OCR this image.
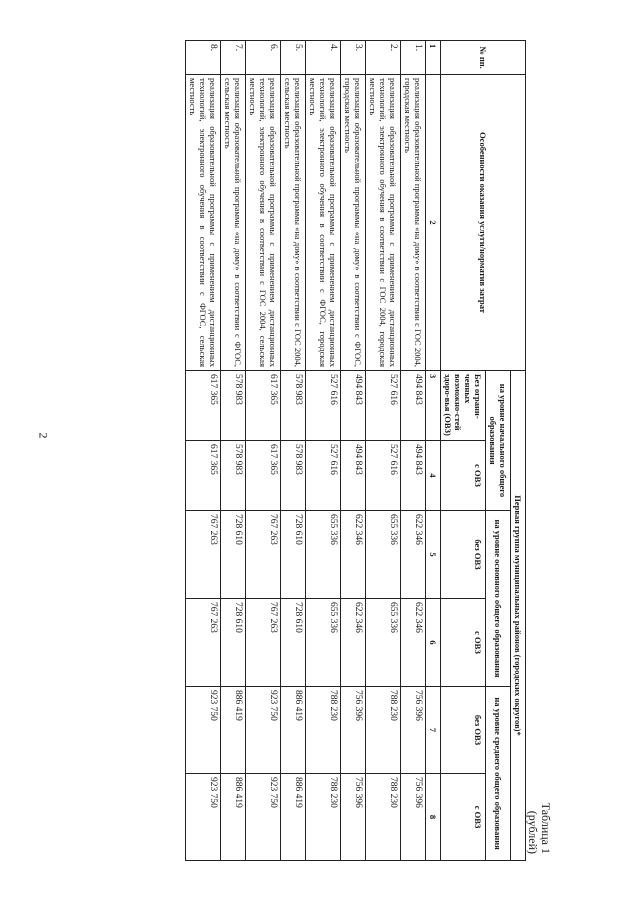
2
Таблица 1
(рублей)
№ пп.	Особенности оказания услуги/норматив затрат	Первая группа муниципальных районов (городских округов)*					
		на уровне начального общего образования		на уровне основного общего образования		на уровне среднего общего образования	
		Без ограни-ченных возможно-стей здоро-вья (ОВЗ)	с ОВЗ	без ОВЗ	с ОВЗ	без ОВЗ	с ОВЗ
1	2	3	4	5	6	7	8
1.	реализация образовательной программы «на дому» в соответствии с ГОС 2004, городская местность	494 843	494 843	622 346	622 346	756 396	756 396
2.	реализация образовательной программы с применением дистанционных технологий, электронного обучения в соответствии с ГОС 2004, городская местность	527 616	527 616	655 336	655 336	788 230	788 230
3.	реализация образовательной программы «на дому» в соответствии с ФГОС, городская местность	494 843	494 843	622 346	622 346	756 396	756 396
4.	реализация образовательной программы с применением дистанционных технологий, электронного обучения в соответствии с ФГОС, городская местность	527 616	527 616	655 336	655 336	788 230	788 230
5.	реализация образовательной программы «на дому» в соответствии с ГОС 2004, сельская местность	578 983	578 983	728 610	728 610	886 419	886 419
6.	реализация образовательной программы с применением дистанционных технологий, электронного обучения в соответствии с ГОС 2004, сельская местность	617 365	617 365	767 263	767 263	923 750	923 750
7.	реализация образовательной программы «на дому» в соответствии с ФГОС, сельская местность	578 983	578 983	728 610	728 610	886 419	886 419
8.	реализация образовательной программы с применением дистанционных технологий, электронного обучения в соответствии с ФГОС, сельская местность	617 365	617 365	767 263	767 263	923 750	923 750
